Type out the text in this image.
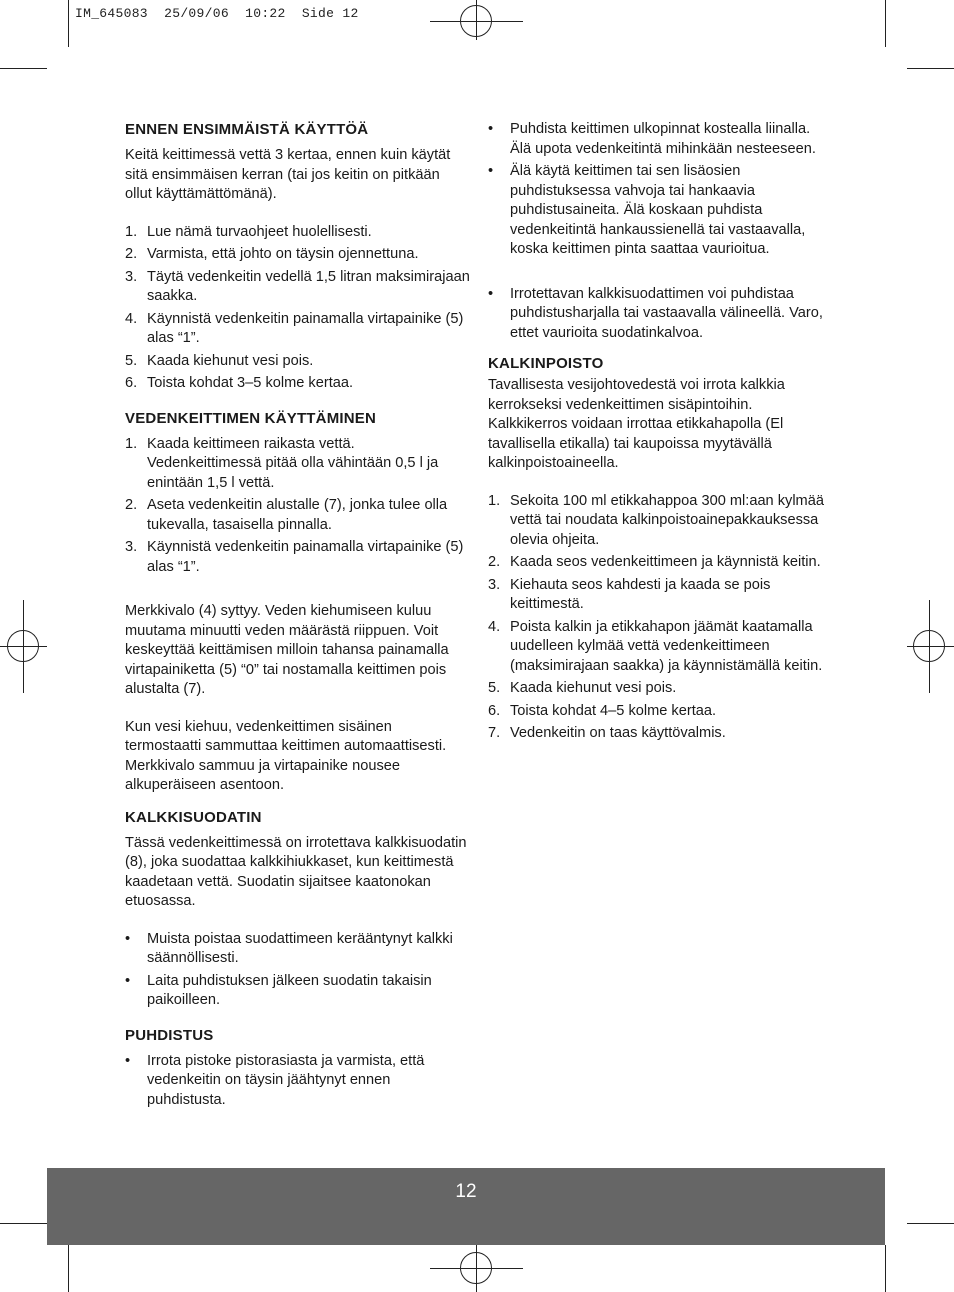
IM_645083  25/09/06  10:22  Side 12
ENNEN ENSIMMÄISTÄ KÄYTTÖÄ

Keitä keittimessä vettä 3 kertaa, ennen kuin käytät sitä ensimmäisen kerran (tai jos keitin on pitkään ollut käyttämättömänä).

1. Lue nämä turvaohjeet huolellisesti.
2. Varmista, että johto on täysin ojennettuna.
3. Täytä vedenkeitin vedellä 1,5 litran maksimirajaan saakka.
4. Käynnistä vedenkeitin painamalla virtapainike (5) alas “1”.
5. Kaada kiehunut vesi pois.
6. Toista kohdat 3–5 kolme kertaa.
VEDENKEITTIMEN KÄYTTÄMINEN
1. Kaada keittimeen raikasta vettä. Vedenkeittimessä pitää olla vähintään 0,5 l ja enintään 1,5 l vettä.
2. Aseta vedenkeitin alustalle (7), jonka tulee olla tukevalla, tasaisella pinnalla.
3. Käynnistä vedenkeitin painamalla virtapainike (5) alas “1”.

Merkkivalo (4) syttyy. Veden kiehumiseen kuluu muutama minuutti veden määrästä riippuen. Voit keskeyttää keittämisen milloin tahansa painamalla virtapainiketta (5) “0” tai nostamalla keittimen pois alustalta (7).

Kun vesi kiehuu, vedenkeittimen sisäinen termostaatti sammuttaa keittimen automaattisesti. Merkkivalo sammuu ja virtapainike nousee alkuperäiseen asentoon.

KALKKISUODATIN

Tässä vedenkeittimessä on irrotettava kalkkisuodatin (8), joka suodattaa kalkkihiukkaset, kun keittimestä kaadetaan vettä. Suodatin sijaitsee kaatonokan etuosassa.

• Muista poistaa suodattimeen kerääntynyt kalkki säännöllisesti.
• Laita puhdistuksen jälkeen suodatin takaisin paikoilleen.
PUHDISTUS
• Irrota pistoke pistorasiasta ja varmista, että vedenkeitin on täysin jäähtynyt ennen puhdistusta.
• Puhdista keittimen ulkopinnat kostealla liinalla. Älä upota vedenkeitintä mihinkään nesteeseen.
• Älä käytä keittimen tai sen lisäosien puhdistuksessa vahvoja tai hankaavia puhdistusaineita. Älä koskaan puhdista vedenkeitintä hankaussienellä tai vastaavalla, koska keittimen pinta saattaa vaurioitua.
• Irrotettavan kalkkisuodattimen voi puhdistaa puhdistusharjalla tai vastaavalla välineellä. Varo, ettet vaurioita suodatinkalvoa.
KALKINPOISTO

Tavallisesta vesijohtovedestä voi irrota kalkkia kerrokseksi vedenkeittimen sisäpintoihin. Kalkkikerros voidaan irrottaa etikkahapolla (El tavallisella etikalla) tai kaupoissa myytävällä kalkinpoistoaineella.

1. Sekoita 100 ml etikkahappoa 300 ml:aan kylmää vettä tai noudata kalkinpoistoainepakkauksessa olevia ohjeita.
2. Kaada seos vedenkeittimeen ja käynnistä keitin.
3. Kiehauta seos kahdesti ja kaada se pois keittimestä.
4. Poista kalkin ja etikkahapon jäämät kaatamalla uudelleen kylmää vettä vedenkeittimeen (maksimirajaan saakka) ja käynnistämällä keitin.
5. Kaada kiehunut vesi pois.
6. Toista kohdat 4–5 kolme kertaa.
7. Vedenkeitin on taas käyttövalmis.
12
